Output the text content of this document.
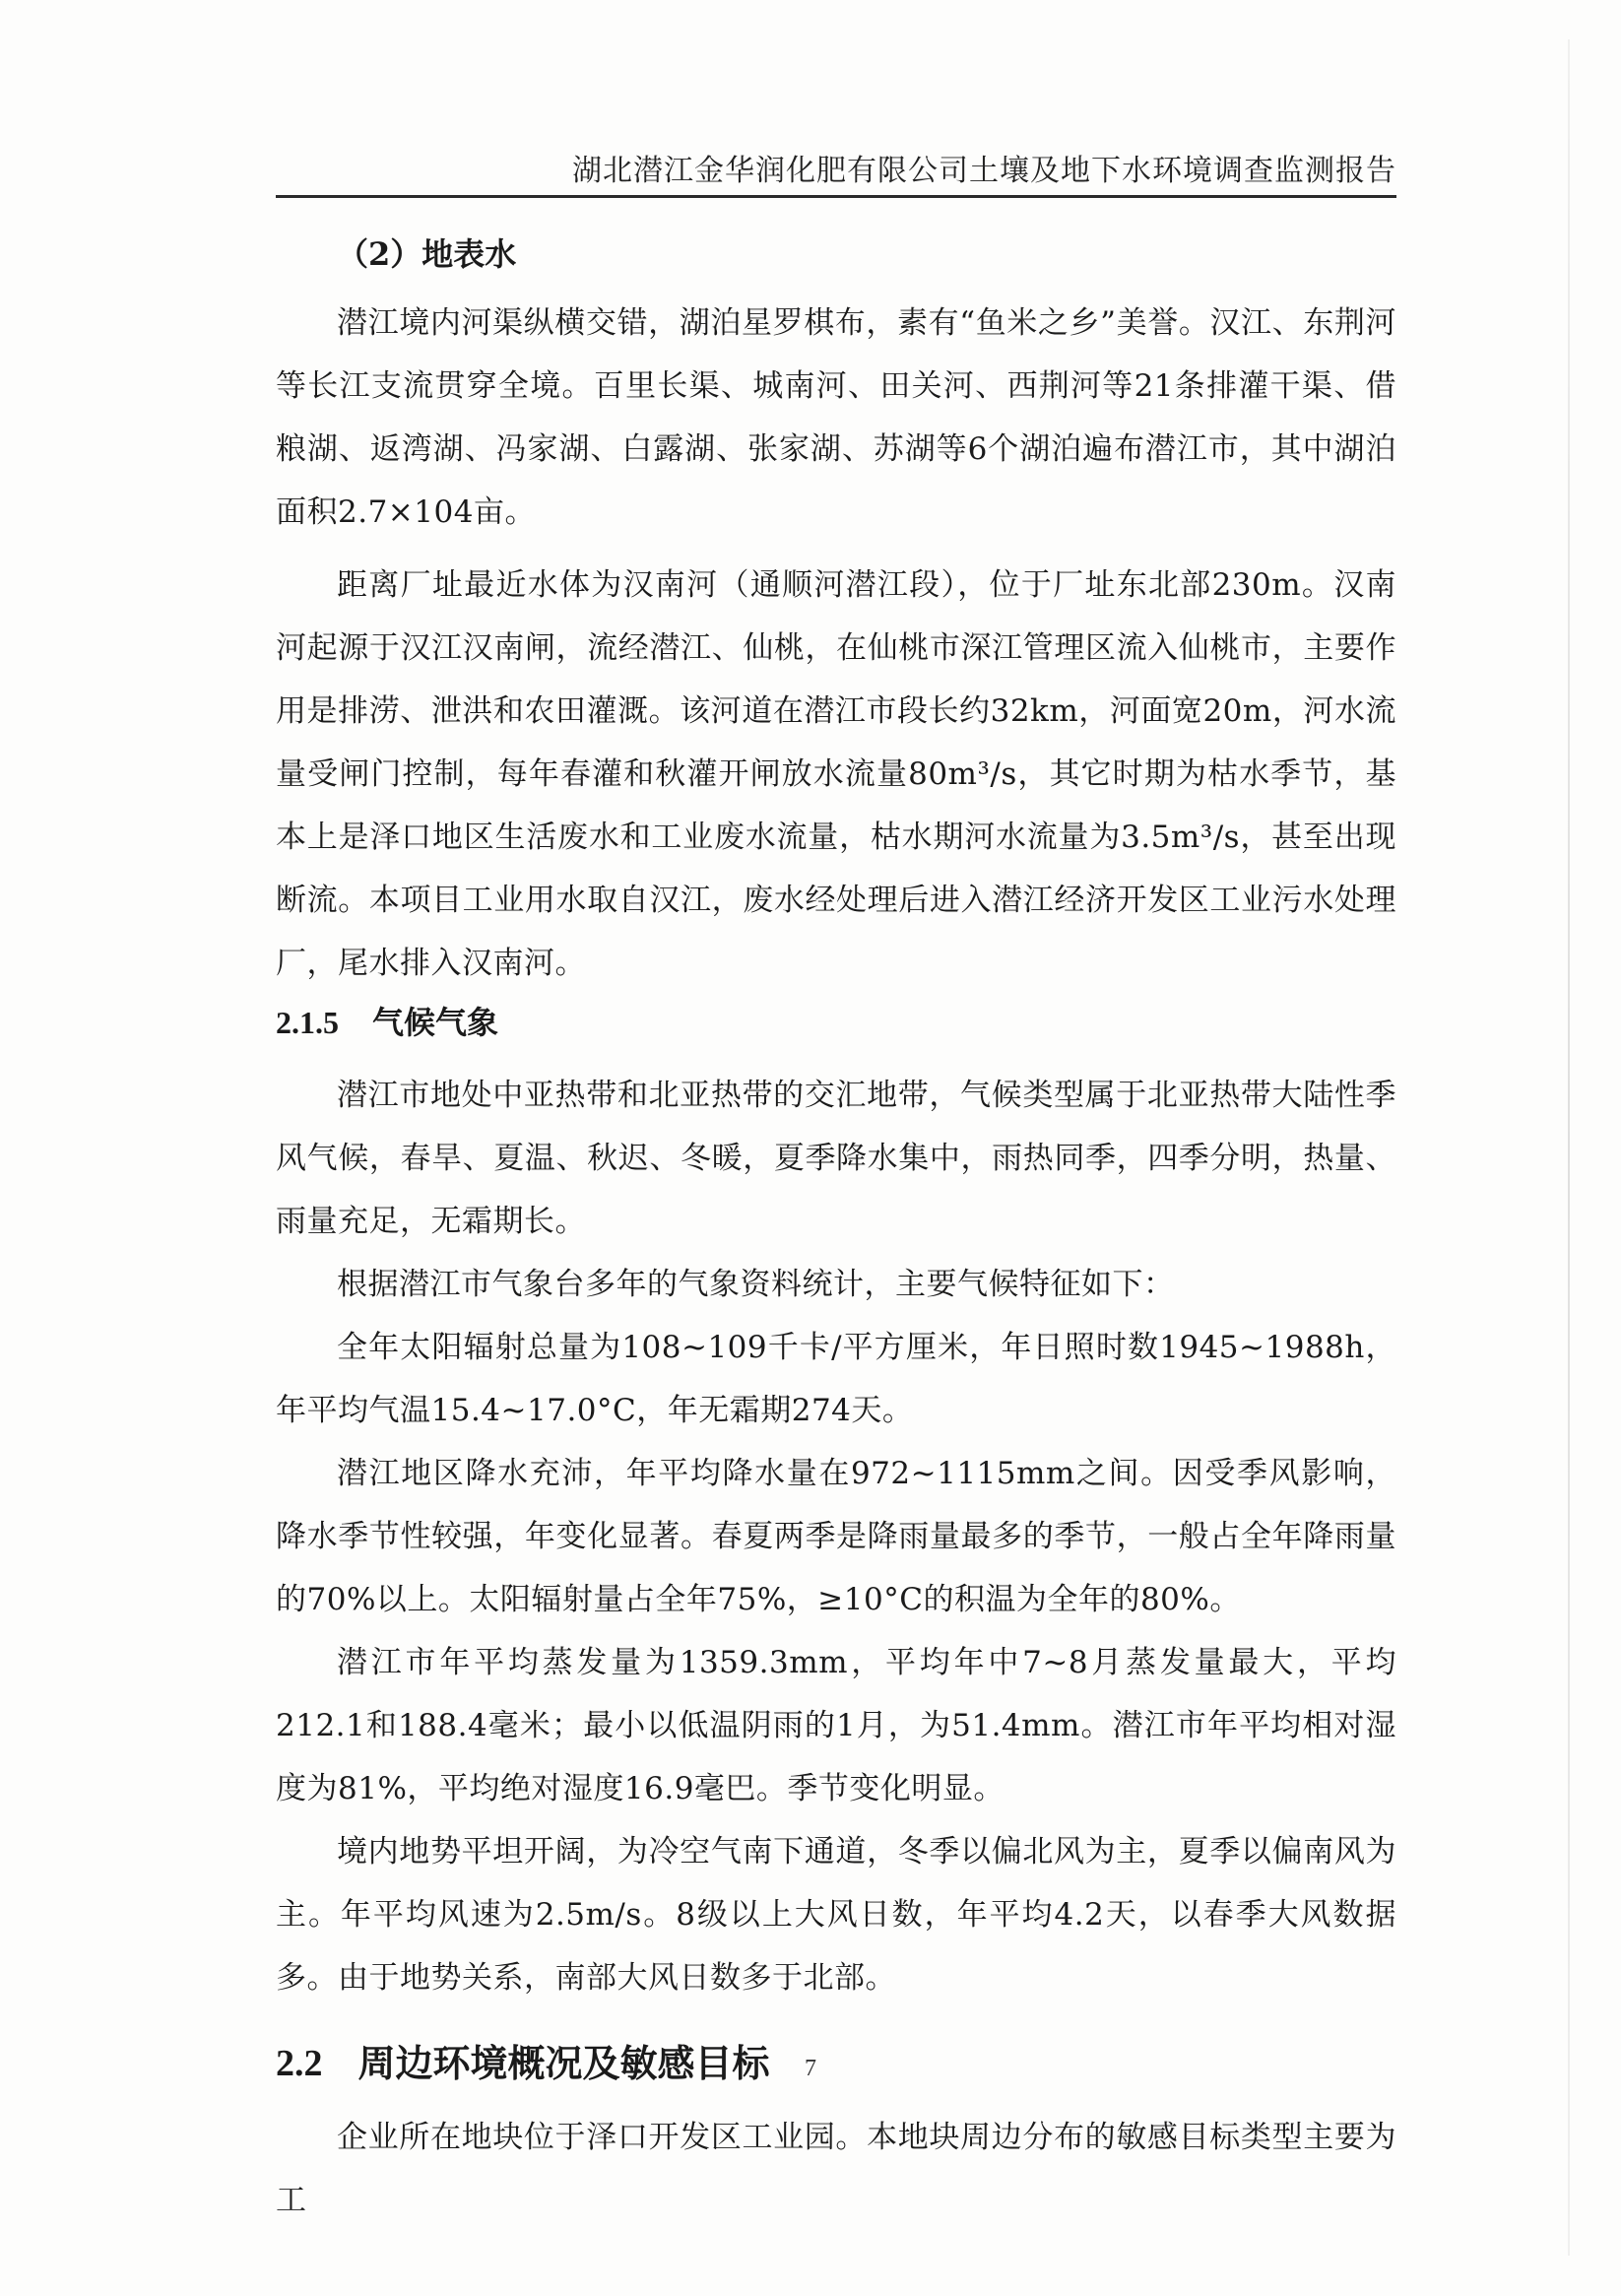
湖北潜江金华润化肥有限公司土壤及地下水环境调查监测报告
（2）地表水

潜江境内河渠纵横交错，湖泊星罗棋布，素有“鱼米之乡”美誉。汉江、东荆河等长江支流贯穿全境。百里长渠、城南河、田关河、西荆河等21条排灌干渠、借粮湖、返湾湖、冯家湖、白露湖、张家湖、苏湖等6个湖泊遍布潜江市，其中湖泊面积2.7×104亩。

距离厂址最近水体为汉南河（通顺河潜江段），位于厂址东北部230m。汉南河起源于汉江汉南闸，流经潜江、仙桃，在仙桃市深江管理区流入仙桃市，主要作用是排涝、泄洪和农田灌溉。该河道在潜江市段长约32km，河面宽20m，河水流量受闸门控制，每年春灌和秋灌开闸放水流量80m³/s，其它时期为枯水季节，基本上是泽口地区生活废水和工业废水流量，枯水期河水流量为3.5m³/s，甚至出现断流。本项目工业用水取自汉江，废水经处理后进入潜江经济开发区工业污水处理厂，尾水排入汉南河。

2.1.5 气候气象

潜江市地处中亚热带和北亚热带的交汇地带，气候类型属于北亚热带大陆性季风气候，春旱、夏温、秋迟、冬暖，夏季降水集中，雨热同季，四季分明，热量、雨量充足，无霜期长。

根据潜江市气象台多年的气象资料统计，主要气候特征如下：

全年太阳辐射总量为108~109千卡/平方厘米，年日照时数1945~1988h，年平均气温15.4~17.0°C，年无霜期274天。

潜江地区降水充沛，年平均降水量在972~1115mm之间。因受季风影响，降水季节性较强，年变化显著。春夏两季是降雨量最多的季节，一般占全年降雨量的70%以上。太阳辐射量占全年75%，≥10°C的积温为全年的80%。

潜江市年平均蒸发量为1359.3mm，平均年中7~8月蒸发量最大，平均212.1和188.4毫米；最小以低温阴雨的1月，为51.4mm。潜江市年平均相对湿度为81%，平均绝对湿度16.9毫巴。季节变化明显。

境内地势平坦开阔，为冷空气南下通道，冬季以偏北风为主，夏季以偏南风为主。年平均风速为2.5m/s。8级以上大风日数，年平均4.2天，以春季大风数据多。由于地势关系，南部大风日数多于北部。

2.2 周边环境概况及敏感目标

企业所在地块位于泽口开发区工业园。本地块周边分布的敏感目标类型主要为工

7
